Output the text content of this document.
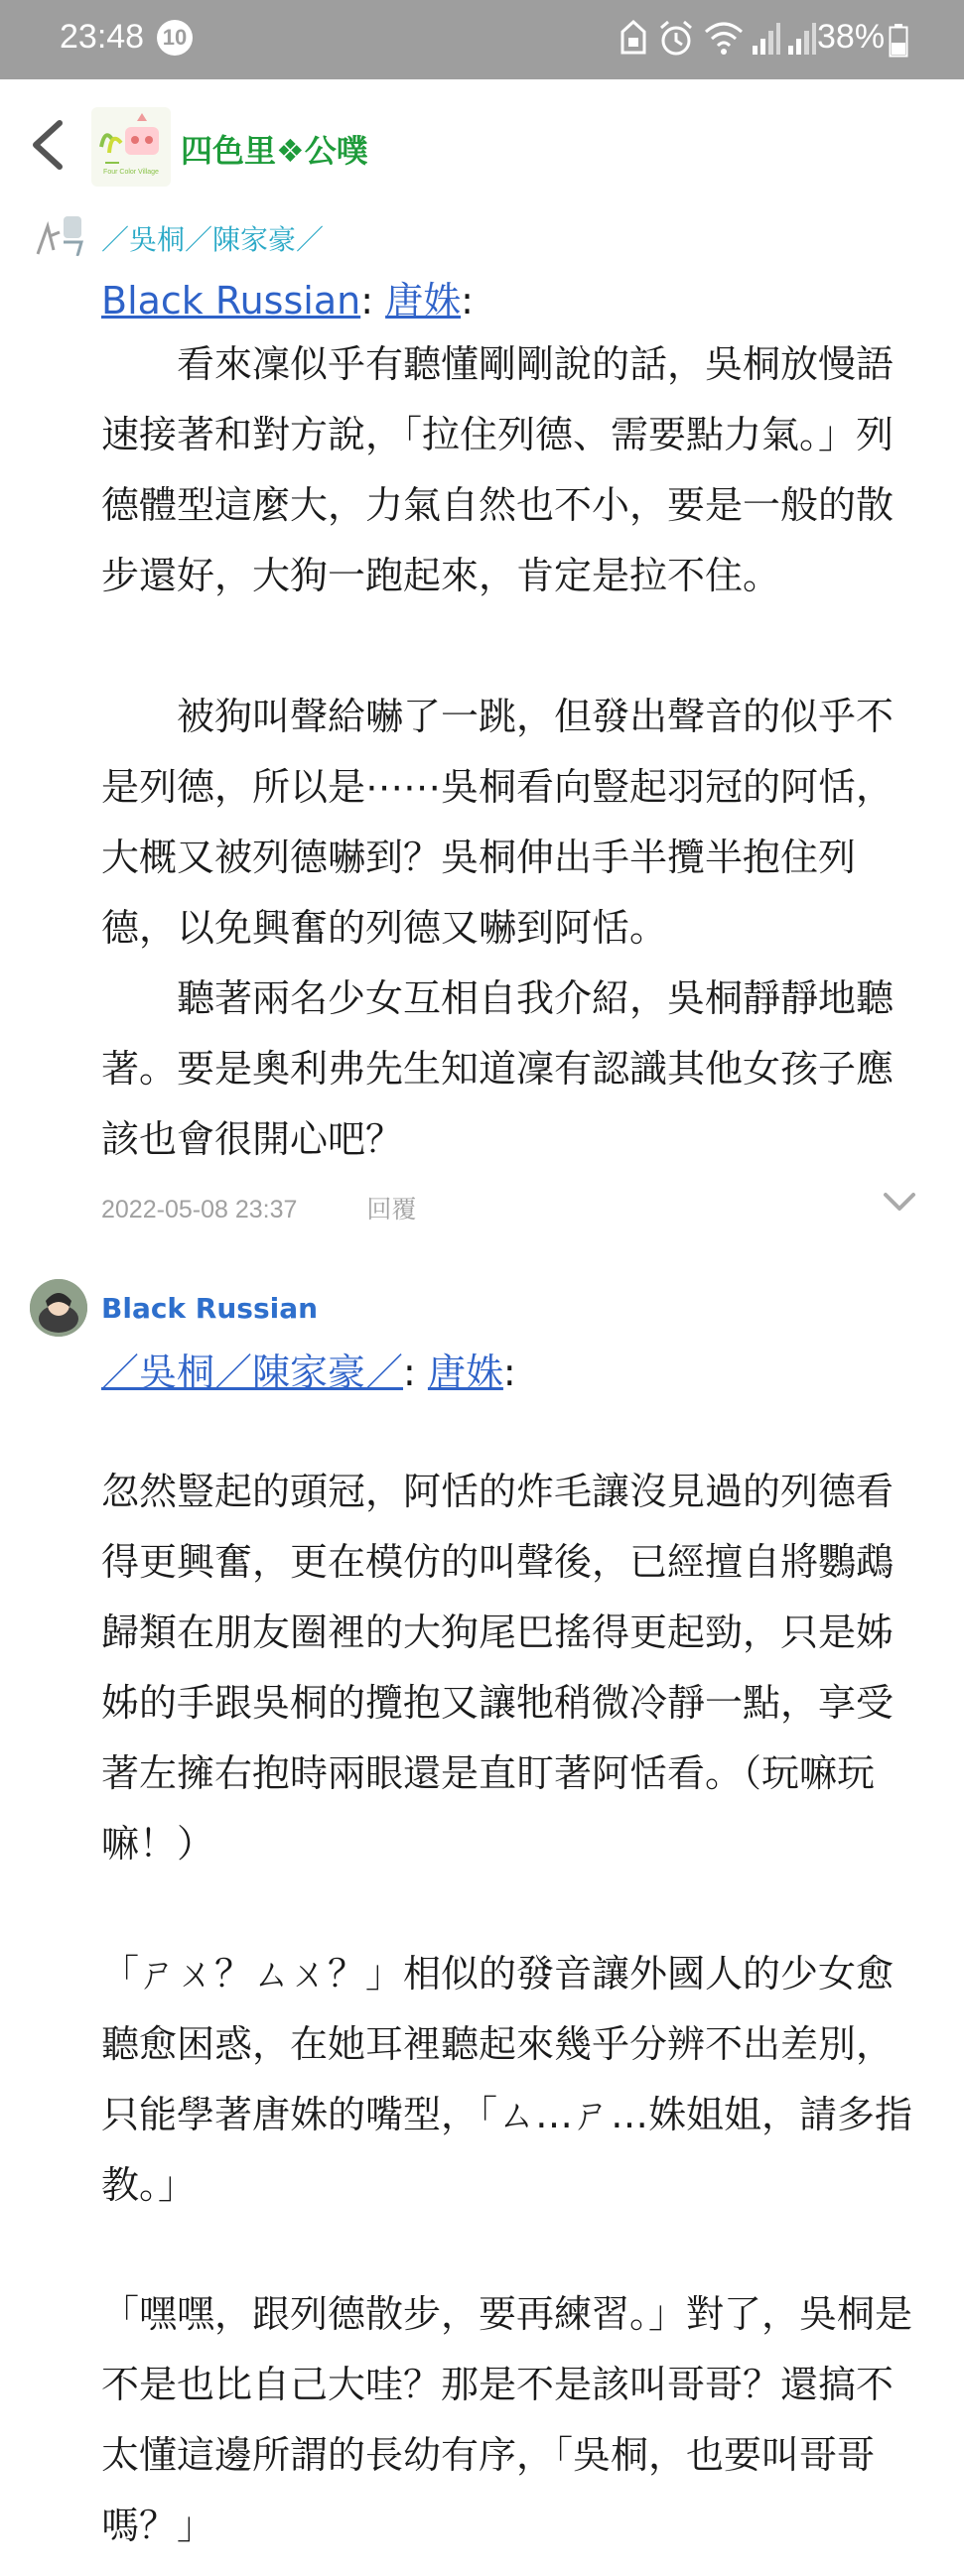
23:48 10	38%
Four Color Village
四色里❖公噗
／吳桐／陳家豪／
Black Russian: 唐姝:
　　看來凜似乎有聽懂剛剛說的話，吳桐放慢語速接著和對方說，「拉住列德、需要點力氣。」列德體型這麼大，力氣自然也不小，要是一般的散步還好，大狗一跑起來，肯定是拉不住。
　　被狗叫聲給嚇了一跳，但發出聲音的似乎不是列德，所以是⋯⋯吳桐看向豎起羽冠的阿恬，大概又被列德嚇到？吳桐伸出手半攬半抱住列德，以免興奮的列德又嚇到阿恬。
　　聽著兩名少女互相自我介紹，吳桐靜靜地聽著。要是奧利弗先生知道凜有認識其他女孩子應該也會很開心吧？
2022-05-08 23:37	回覆
Black Russian
／吳桐／陳家豪／: 唐姝:
忽然豎起的頭冠，阿恬的炸毛讓沒見過的列德看得更興奮，更在模仿的叫聲後，已經擅自將鸚鵡歸類在朋友圈裡的大狗尾巴搖得更起勁，只是姊姊的手跟吳桐的攬抱又讓牠稍微冷靜一點，享受著左擁右抱時兩眼還是直盯著阿恬看。（玩嘛玩嘛！）
「ㄕㄨ？ㄙㄨ？」相似的發音讓外國人的少女愈聽愈困惑，在她耳裡聽起來幾乎分辨不出差別，只能學著唐姝的嘴型，「ㄙ…ㄕ…姝姐姐，請多指教。」
「嘿嘿，跟列德散步，要再練習。」對了，吳桐是不是也比自己大哇？那是不是該叫哥哥？還搞不太懂這邊所謂的長幼有序，「吳桐，也要叫哥哥嗎？」
